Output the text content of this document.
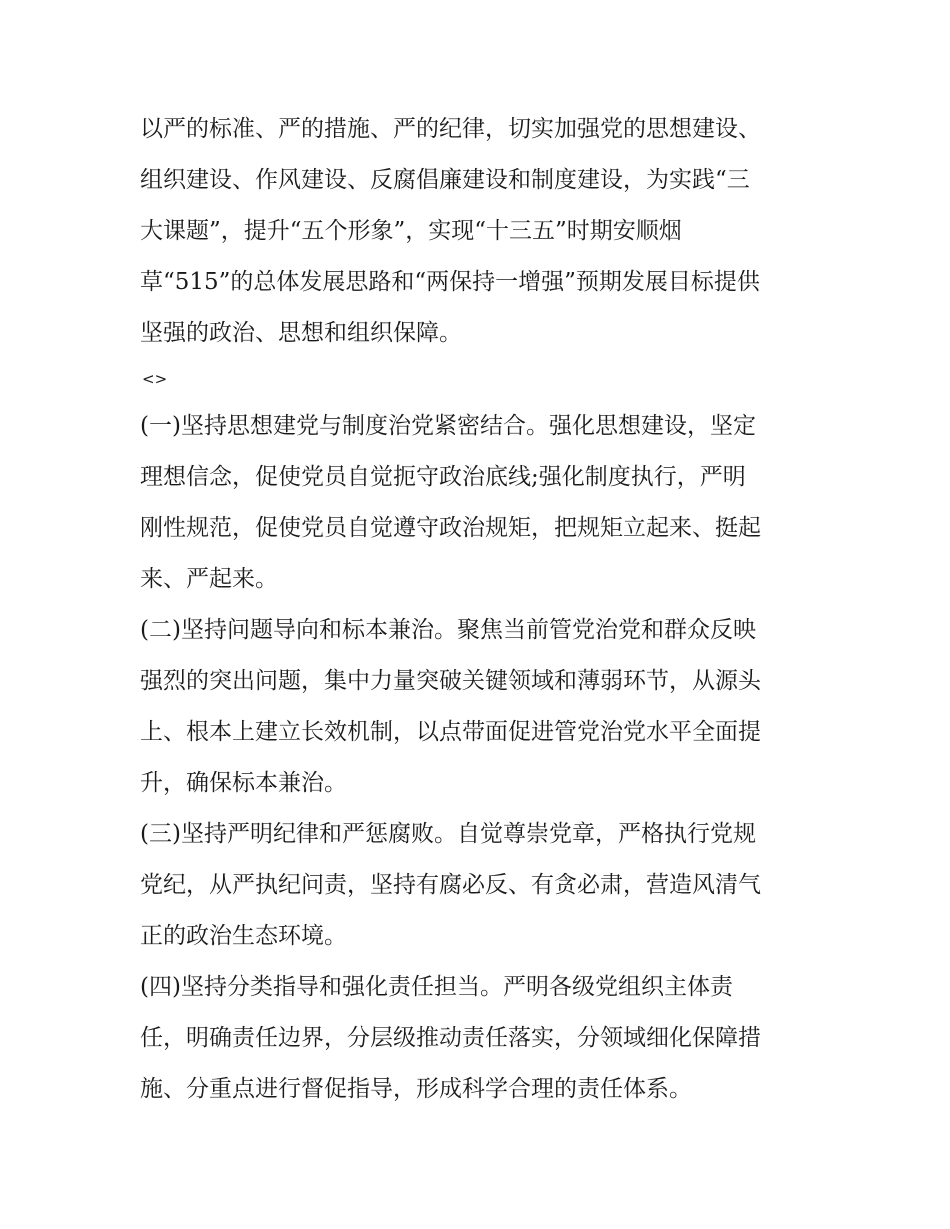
以严的标准、严的措施、严的纪律，切实加强党的思想建设、
组织建设、作风建设、反腐倡廉建设和制度建设，为实践“三
大课题”，提升“五个形象”，实现“十三五”时期安顺烟
草“515”的总体发展思路和“两保持一增强”预期发展目标提供
坚强的政治、思想和组织保障。
<>
(一)坚持思想建党与制度治党紧密结合。强化思想建设，坚定
理想信念，促使党员自觉扼守政治底线;强化制度执行，严明
刚性规范，促使党员自觉遵守政治规矩，把规矩立起来、挺起
来、严起来。
(二)坚持问题导向和标本兼治。聚焦当前管党治党和群众反映
强烈的突出问题，集中力量突破关键领域和薄弱环节，从源头
上、根本上建立长效机制，以点带面促进管党治党水平全面提
升，确保标本兼治。
(三)坚持严明纪律和严惩腐败。自觉尊崇党章，严格执行党规
党纪，从严执纪问责，坚持有腐必反、有贪必肃，营造风清气
正的政治生态环境。
(四)坚持分类指导和强化责任担当。严明各级党组织主体责
任，明确责任边界，分层级推动责任落实，分领域细化保障措
施、分重点进行督促指导，形成科学合理的责任体系。
